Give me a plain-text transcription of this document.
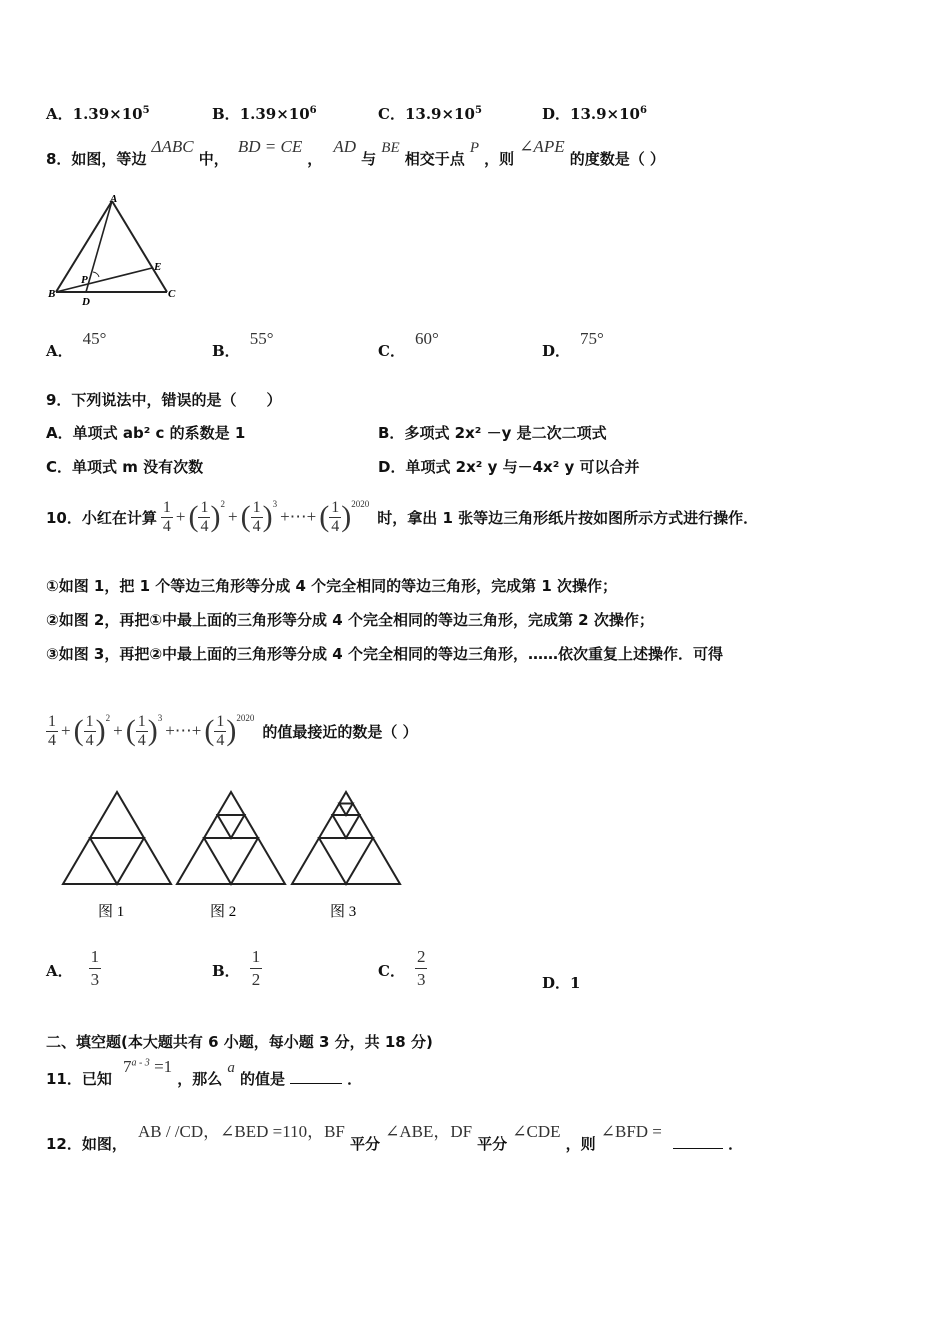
A．$1.39\times 10^5$	B．$1.39\times 10^6$	C．$13.9\times 10^5$	D．$13.9\times 10^6$
8．如图，等边 ΔABC 中， BD = CE ， AD 与 BE 相交于点 P ，则 ∠APE 的度数是（ ）
A
B	C
D
E
P
A．45°
B．55°
C．60°
D．75°
9．下列说法中，错误的是（　　）
A．单项式 ab² c 的系数是 1	B．多项式 2x² －y 是二次二项式
C．单项式 m 没有次数	D．单项式 2x² y 与－4x² y 可以合并
10．小红在计算 $\frac{1}{4}$ + ( $\frac{1}{4} )^2$
+ ( $\frac{1}{4} )^3$
+⋯+ ( $\frac{1}{4} )^{2020}$
时，拿出 1 张等边三角形纸片按如图所示方式进行操作．
①如图 1，把 1 个等边三角形等分成 4 个完全相同的等边三角形，完成第 1 次操作；
②如图 2，再把①中最上面的三角形等分成 4 个完全相同的等边三角形，完成第 2 次操作；
③如图 3，再把②中最上面的三角形等分成 4 个完全相同的等边三角形，……依次重复上述操作．可得
$\frac{1}{4}$ + ( $\frac{1}{4} )^2$
+ ( $\frac{1}{4} )^3$
+⋯+ ( $\frac{1}{4} )^{2020}$
的值最接近的数是（ ）
图 1	图 2	图 3
A． $\frac{1}{3}$	B． $\frac{1}{2}$	C． $\frac{2}{3}$	D．1
二、填空题(本大题共有 6 小题，每小题 3 分，共 18 分)
11．已知 $7^{a - 3} =1$ ，那么 a 的值是	．
12．如图， AB / /CD，∠BED =110，BF 平分 ∠ABE，DF 平分 ∠CDE ，则 ∠BFD =  ．
